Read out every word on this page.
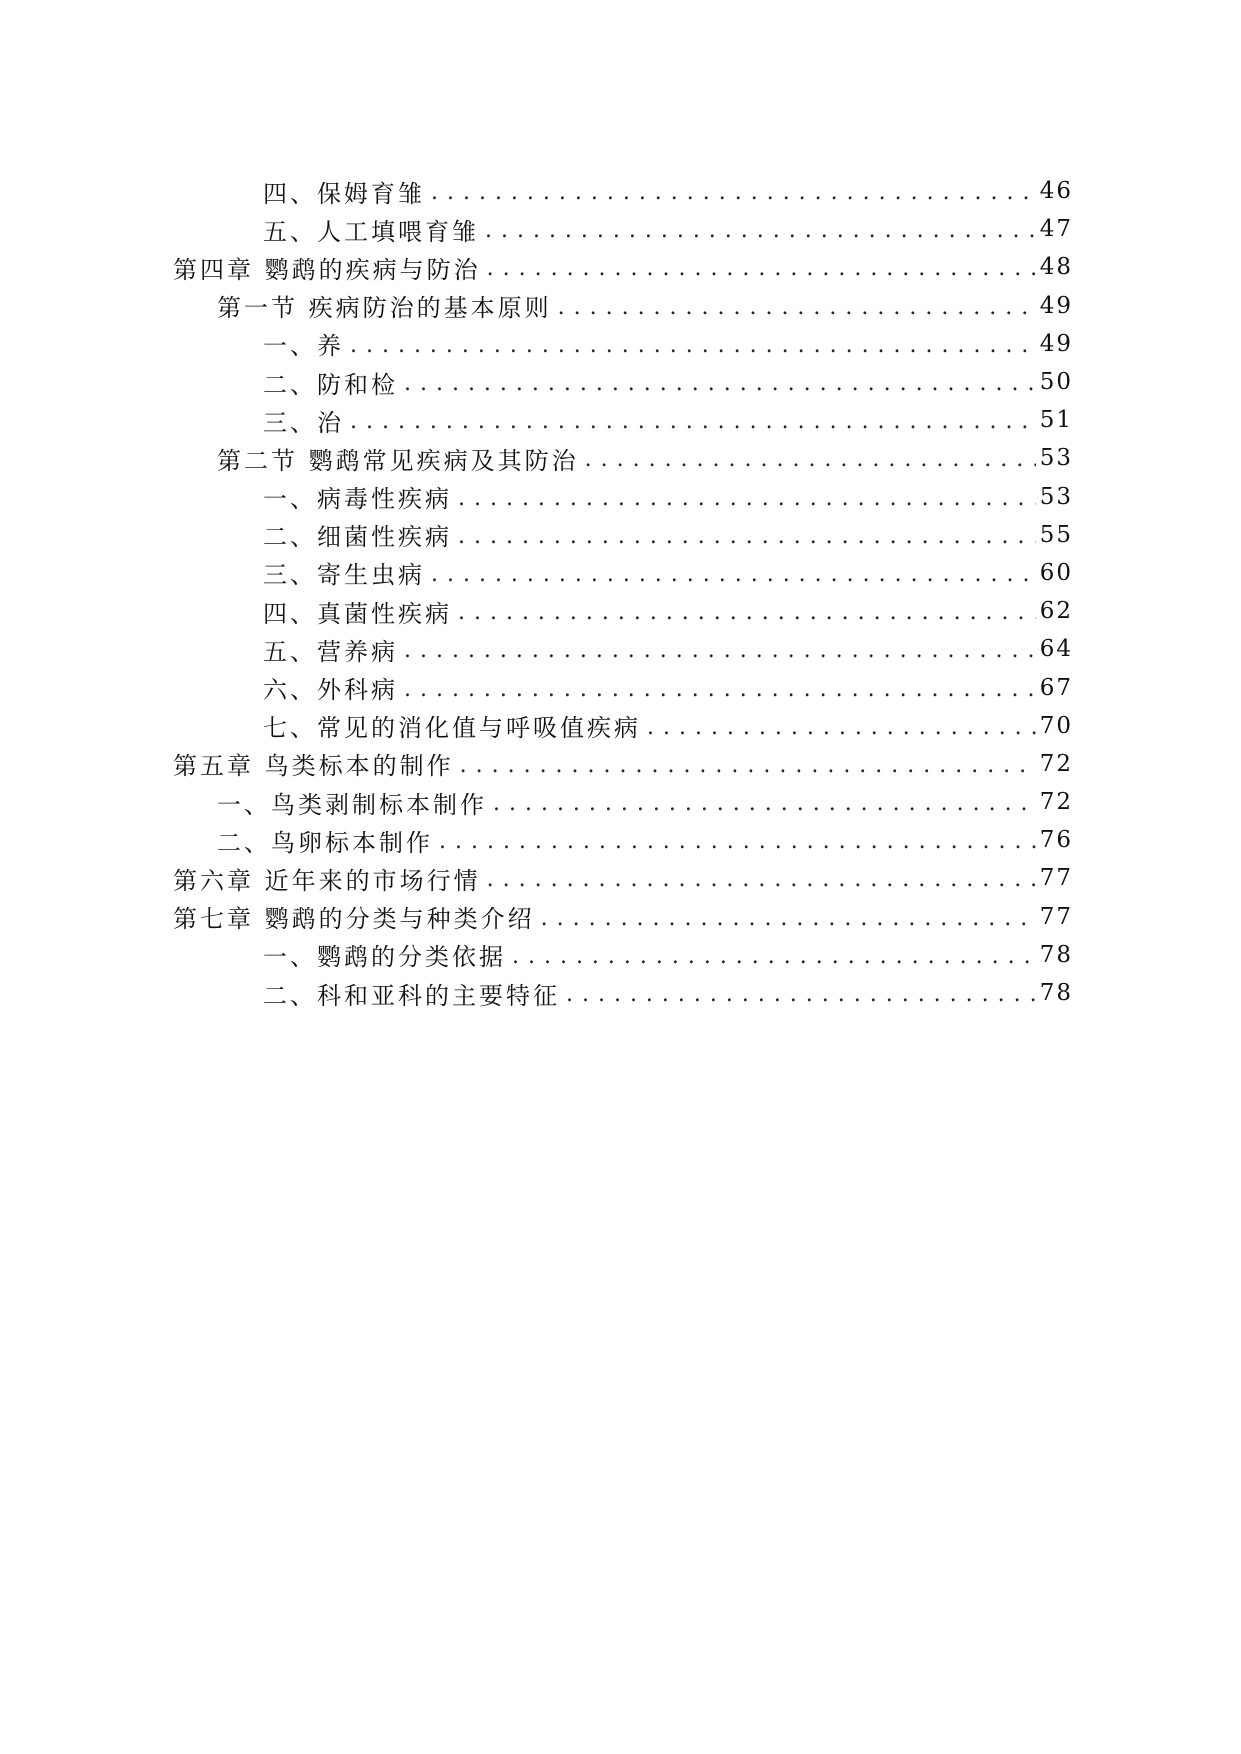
四、保姆育雏 . . .	46
五、人工填喂育雏 . . .	47
第四章 鹦鹉的疾病与防治 . . .	48
第一节 疾病防治的基本原则 . . .	49
一、养 . . .	49
二、防和检 . . .	50
三、治 . . .	51
第二节 鹦鹉常见疾病及其防治 . . .	53
一、病毒性疾病 . . .	53
二、细菌性疾病 . . .	55
三、寄生虫病 . . .	60
四、真菌性疾病 . . .	62
五、营养病 . . .	64
六、外科病 . . .	67
七、常见的消化值与呼吸值疾病 . . .	70
第五章 鸟类标本的制作 . . .	72
一、鸟类剥制标本制作 . . .	72
二、鸟卵标本制作 . . .	76
第六章 近年来的市场行情 . . .	77
第七章 鹦鹉的分类与种类介绍 . . .	77
一、鹦鹉的分类依据 . . .	78
二、科和亚科的主要特征 . . .	78
